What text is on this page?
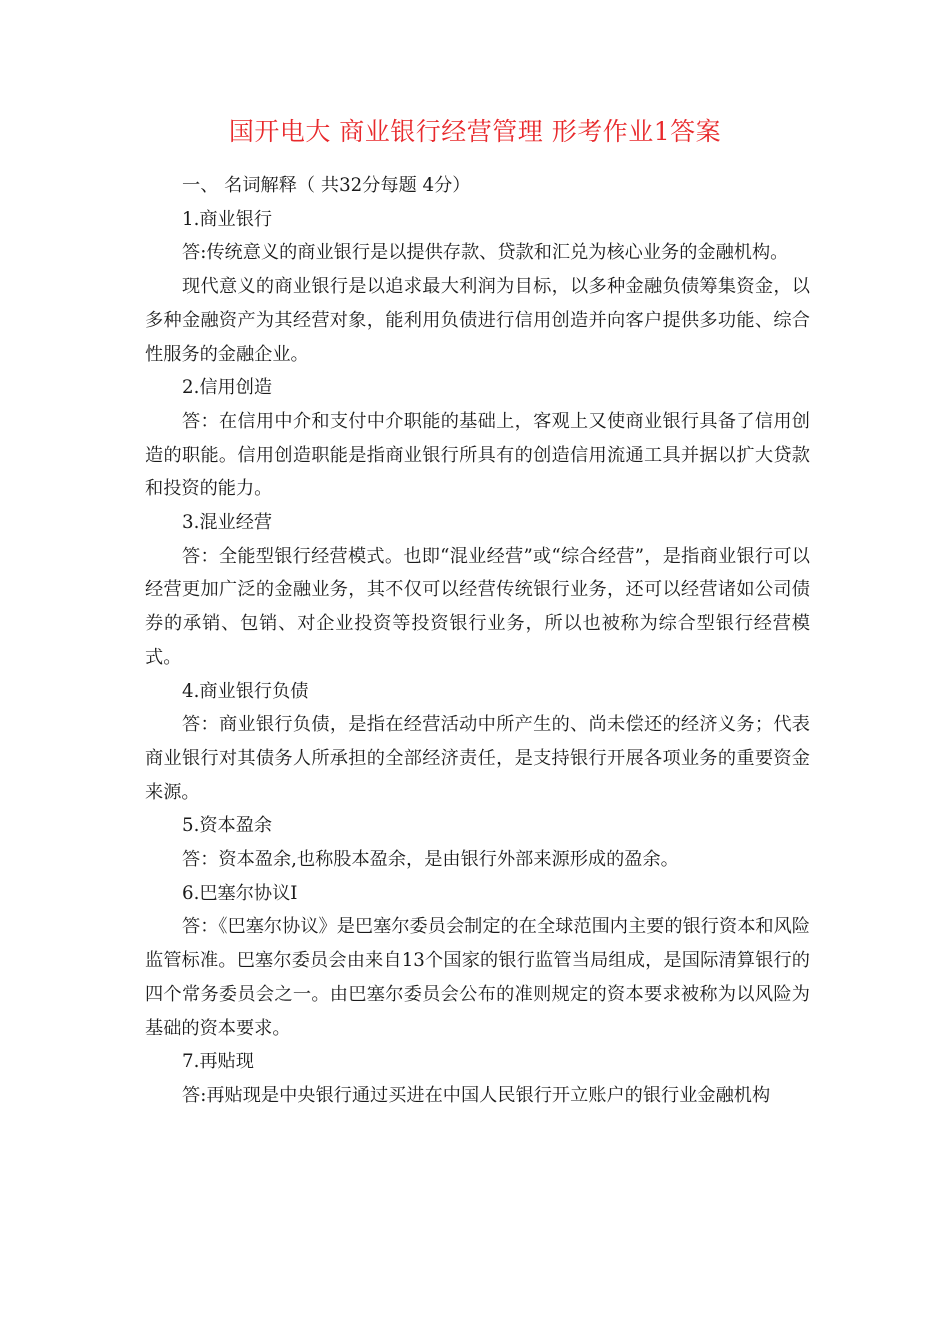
国开电大 商业银行经营管理 形考作业1答案

一、 名词解释（ 共32分每题 4分）

1.商业银行

答:传统意义的商业银行是以提供存款、贷款和汇兑为核心业务的金融机构。

现代意义的商业银行是以追求最大利润为目标，以多种金融负债筹集资金，以多种金融资产为其经营对象，能利用负债进行信用创造并向客户提供多功能、综合性服务的金融企业。

2.信用创造

答：在信用中介和支付中介职能的基础上，客观上又使商业银行具备了信用创造的职能。信用创造职能是指商业银行所具有的创造信用流通工具并据以扩大贷款和投资的能力。

3.混业经营

答：全能型银行经营模式。也即“混业经营”或“综合经营”，是指商业银行可以经营更加广泛的金融业务，其不仅可以经营传统银行业务，还可以经营诸如公司债券的承销、包销、对企业投资等投资银行业务，所以也被称为综合型银行经营模式。

4.商业银行负债

答：商业银行负债，是指在经营活动中所产生的、尚未偿还的经济义务；代表商业银行对其债务人所承担的全部经济责任，是支持银行开展各项业务的重要资金来源。

5.资本盈余

答：资本盈余,也称股本盈余，是由银行外部来源形成的盈余。

6.巴塞尔协议Ⅰ

答：《巴塞尔协议》是巴塞尔委员会制定的在全球范围内主要的银行资本和风险监管标准。巴塞尔委员会由来自13个国家的银行监管当局组成，是国际清算银行的四个常务委员会之一。由巴塞尔委员会公布的准则规定的资本要求被称为以风险为基础的资本要求。

7.再贴现

答:再贴现是中央银行通过买进在中国人民银行开立账户的银行业金融机构
